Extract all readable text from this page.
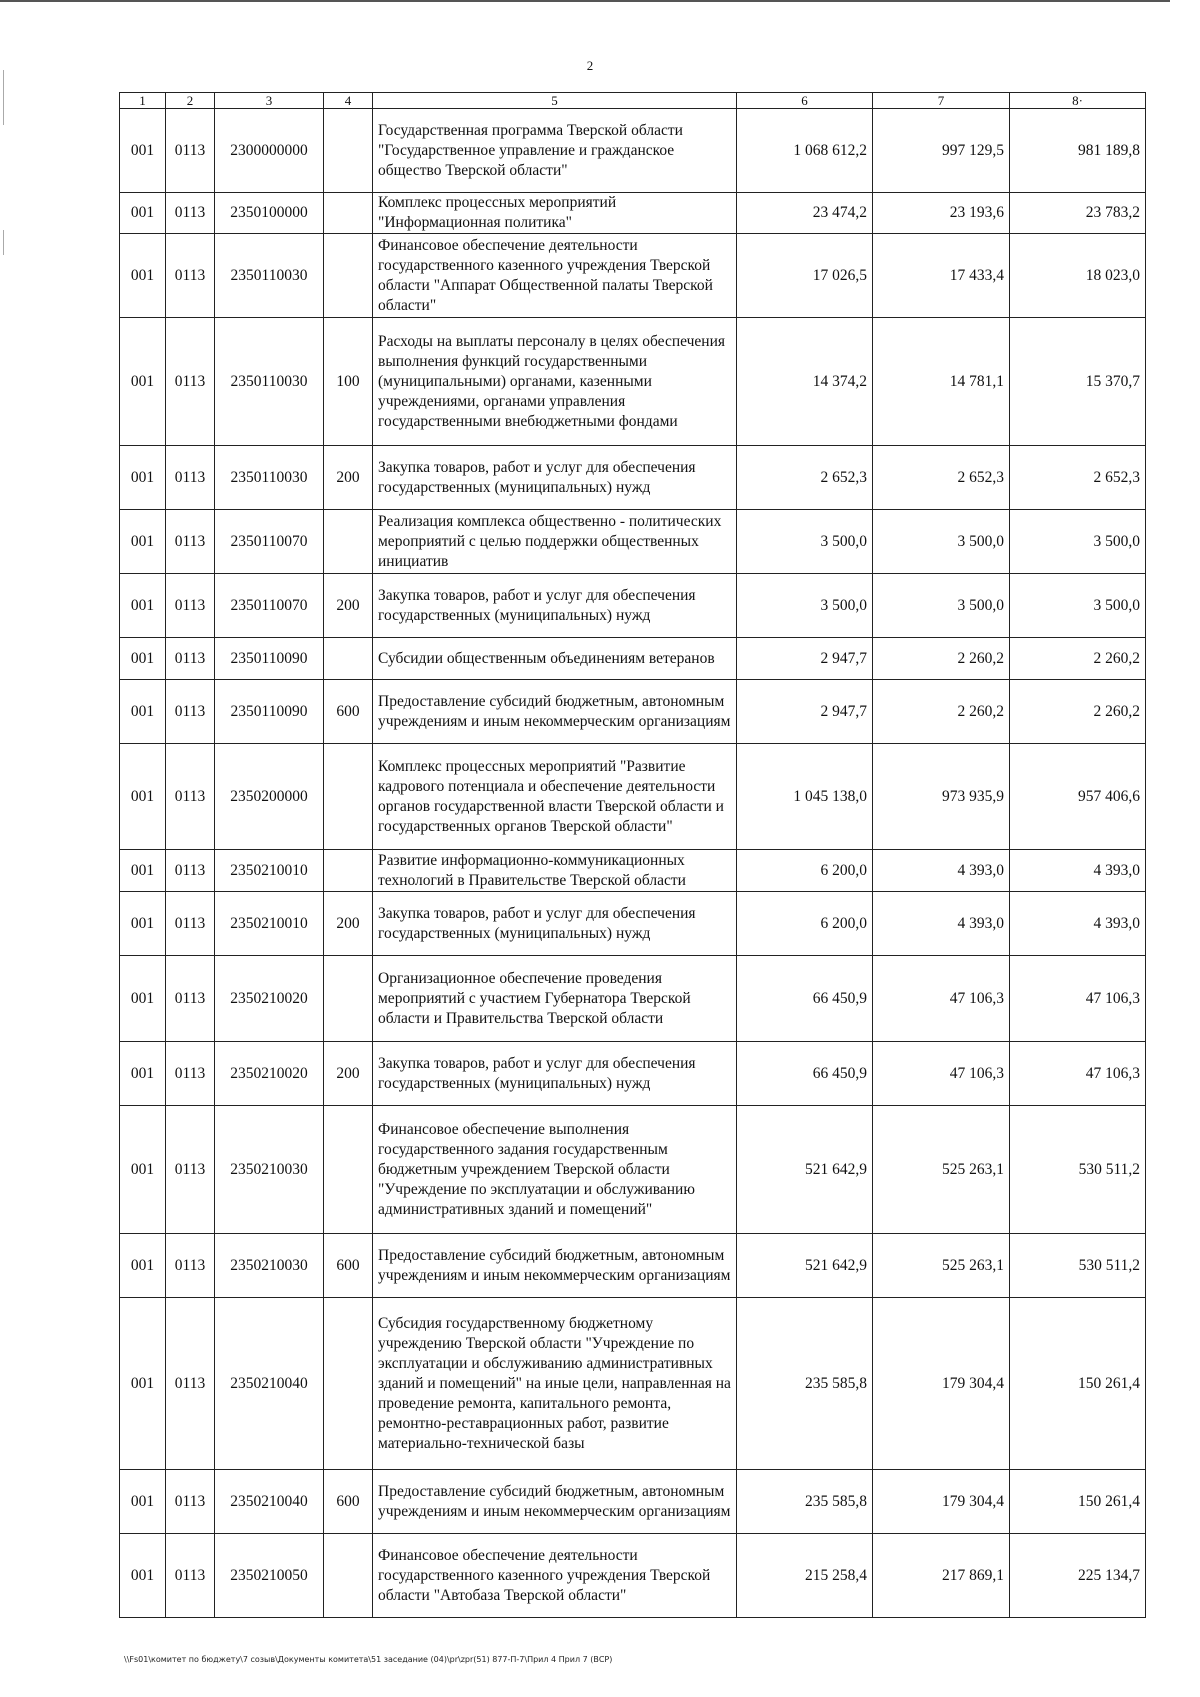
2
1	2	3	4	5	6	7	8·
001	0113	2300000000		Государственная программа Тверской области "Государственное управление и гражданское общество Тверской области"	1 068 612,2	997 129,5	981 189,8
001	0113	2350100000		Комплекс процессных мероприятий "Информационная политика"	23 474,2	23 193,6	23 783,2
001	0113	2350110030		Финансовое обеспечение деятельности государственного казенного учреждения Тверской области "Аппарат Общественной палаты Тверской области"	17 026,5	17 433,4	18 023,0
001	0113	2350110030	100	Расходы на выплаты персоналу в целях обеспечения выполнения функций государственными (муниципальными) органами, казенными учреждениями, органами управления государственными внебюджетными фондами	14 374,2	14 781,1	15 370,7
001	0113	2350110030	200	Закупка товаров, работ и услуг для обеспечения государственных (муниципальных) нужд	2 652,3	2 652,3	2 652,3
001	0113	2350110070		Реализация комплекса общественно - политических мероприятий с целью поддержки общественных инициатив	3 500,0	3 500,0	3 500,0
001	0113	2350110070	200	Закупка товаров, работ и услуг для обеспечения государственных (муниципальных) нужд	3 500,0	3 500,0	3 500,0
001	0113	2350110090		Субсидии общественным объединениям ветеранов	2 947,7	2 260,2	2 260,2
001	0113	2350110090	600	Предоставление субсидий бюджетным, автономным учреждениям и иным некоммерческим организациям	2 947,7	2 260,2	2 260,2
001	0113	2350200000		Комплекс процессных мероприятий "Развитие кадрового потенциала и обеспечение деятельности органов государственной власти Тверской области и государственных органов Тверской области"	1 045 138,0	973 935,9	957 406,6
001	0113	2350210010		Развитие информационно-коммуникационных технологий в Правительстве Тверской области	6 200,0	4 393,0	4 393,0
001	0113	2350210010	200	Закупка товаров, работ и услуг для обеспечения государственных (муниципальных) нужд	6 200,0	4 393,0	4 393,0
001	0113	2350210020		Организационное обеспечение проведения мероприятий с участием Губернатора Тверской области и Правительства Тверской области	66 450,9	47 106,3	47 106,3
001	0113	2350210020	200	Закупка товаров, работ и услуг для обеспечения государственных (муниципальных) нужд	66 450,9	47 106,3	47 106,3
001	0113	2350210030		Финансовое обеспечение выполнения государственного задания государственным бюджетным учреждением Тверской области "Учреждение по эксплуатации и обслуживанию административных зданий и помещений"	521 642,9	525 263,1	530 511,2
001	0113	2350210030	600	Предоставление субсидий бюджетным, автономным учреждениям и иным некоммерческим организациям	521 642,9	525 263,1	530 511,2
001	0113	2350210040		Субсидия государственному бюджетному учреждению Тверской области "Учреждение по эксплуатации и обслуживанию административных зданий и помещений" на иные цели, направленная на проведение ремонта, капитального ремонта, ремонтно-реставрационных работ, развитие материально-технической базы	235 585,8	179 304,4	150 261,4
001	0113	2350210040	600	Предоставление субсидий бюджетным, автономным учреждениям и иным некоммерческим организациям	235 585,8	179 304,4	150 261,4
001	0113	2350210050		Финансовое обеспечение деятельности государственного казенного учреждения Тверской области "Автобаза Тверской области"	215 258,4	217 869,1	225 134,7
\\Fs01\комитет по бюджету\7 созыв\Документы комитета\51 заседание (04)\pr\zpr(51) 877-П-7\Прил 4 Прил 7 (ВСР)
